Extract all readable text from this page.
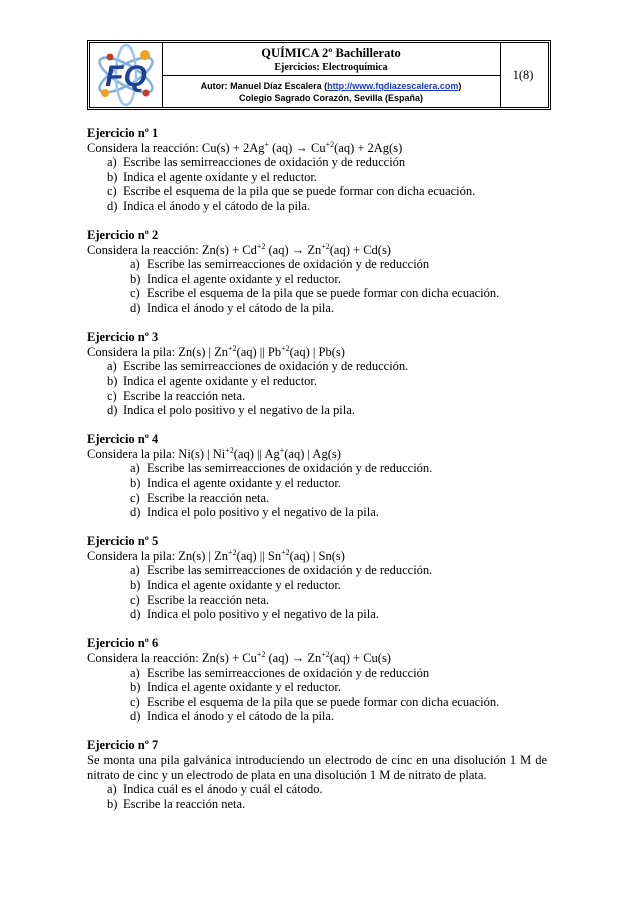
FQ
QUÍMICA 2º Bachillerato
Ejercicios: Electroquímica
Autor: Manuel Díaz Escalera (http://www.fqdiazescalera.com)
Colegio Sagrado Corazón, Sevilla (España)
1(8)
Ejercicio nº 1
Considera la reacción: Cu(s) + 2Ag+ $(aq) \to Cu^{+2}(aq) + 2Ag(s)$
a) Escribe las semirreacciones de oxidación y de reducción
b) Indica el agente oxidante y el reductor.
c) Escribe el esquema de la pila que se puede formar con dicha ecuación.
d) Indica el ánodo y el cátodo de la pila.
Ejercicio nº 2
Considera la reacción: $Zn(s) + Cd^{+2}$ $(aq) \to Zn^{+2}(aq) + Cd(s)$
a) Escribe las semirreacciones de oxidación y de reducción
b) Indica el agente oxidante y el reductor.
c) Escribe el esquema de la pila que se puede formar con dicha ecuación.
d) Indica el ánodo y el cátodo de la pila.
Ejercicio nº 3
Considera la pila: Zn(s) | $Zn^{+2}(aq)$ || $Pb^{+2}(aq)$ | Pb(s)
a) Escribe las semirreacciones de oxidación y de reducción.
b) Indica el agente oxidante y el reductor.
c) Escribe la reacción neta.
d) Indica el polo positivo y el negativo de la pila.
Ejercicio nº 4
Considera la pila: Ni(s) | $Ni^{+2}(aq)$ || Ag+(aq) | Ag(s)
a) Escribe las semirreacciones de oxidación y de reducción.
b) Indica el agente oxidante y el reductor.
c) Escribe la reacción neta.
d) Indica el polo positivo y el negativo de la pila.
Ejercicio nº 5
Considera la pila: Zn(s) | $Zn^{+2}(aq)$ || $Sn^{+2}(aq)$ | Sn(s)
a) Escribe las semirreacciones de oxidación y de reducción.
b) Indica el agente oxidante y el reductor.
c) Escribe la reacción neta.
d) Indica el polo positivo y el negativo de la pila.
Ejercicio nº 6
Considera la reacción: $Zn(s) + Cu^{+2}$ $(aq) \to Zn^{+2}(aq) + Cu(s)$
a) Escribe las semirreacciones de oxidación y de reducción
b) Indica el agente oxidante y el reductor.
c) Escribe el esquema de la pila que se puede formar con dicha ecuación.
d) Indica el ánodo y el cátodo de la pila.
Ejercicio nº 7
Se monta una pila galvánica introduciendo un electrodo de cinc en una disolución 1 M de nitrato de cinc y un electrodo de plata en una disolución 1 M de nitrato de plata.
a) Indica cuál es el ánodo y cuál el cátodo.
b) Escribe la reacción neta.
